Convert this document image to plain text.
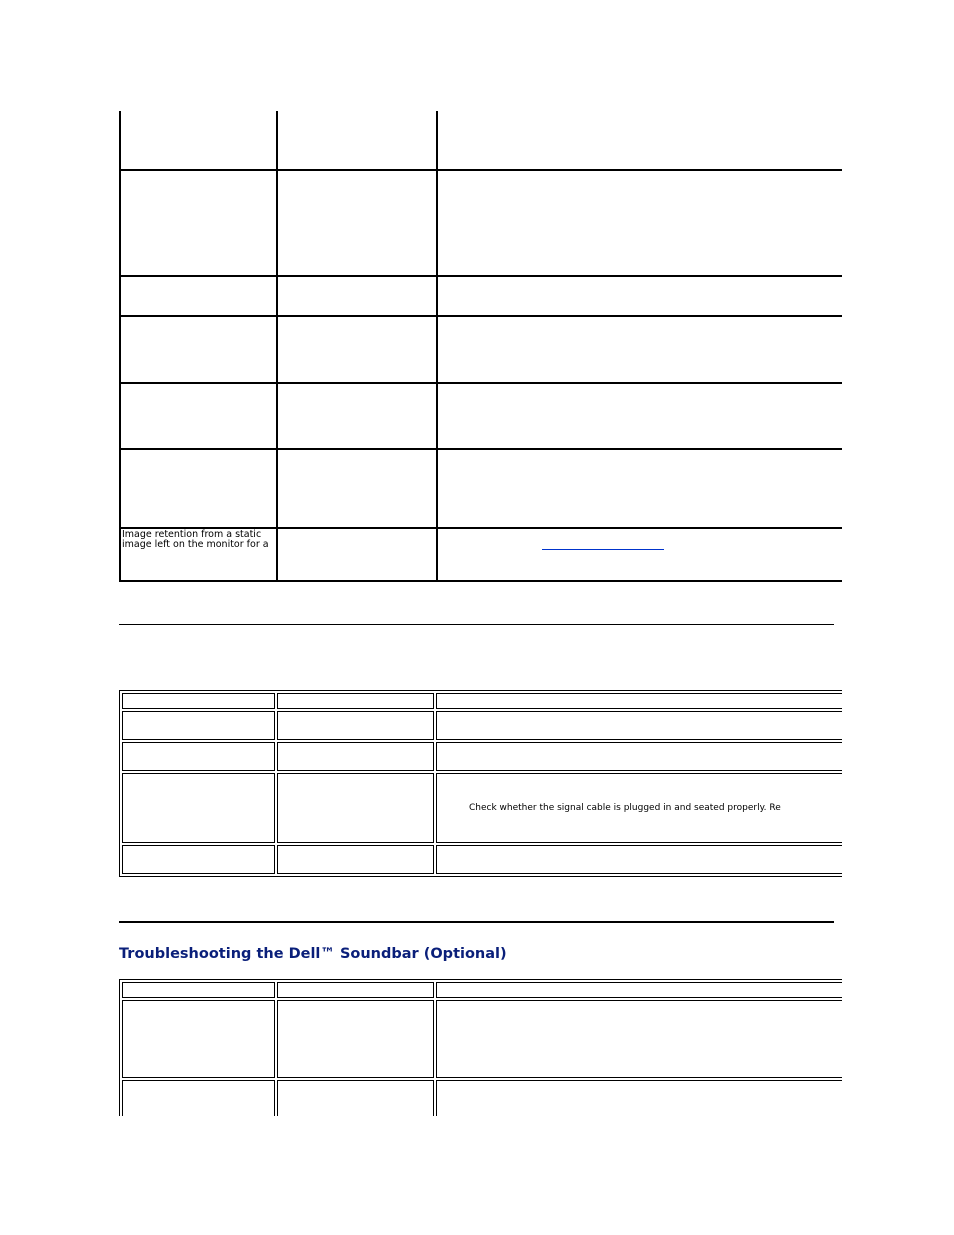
Image retention from a static image left on the monitor for a		

		Check whether the signal cable is plugged in and seated properly. Re

Troubleshooting the Dell™ Soundbar (Optional)
